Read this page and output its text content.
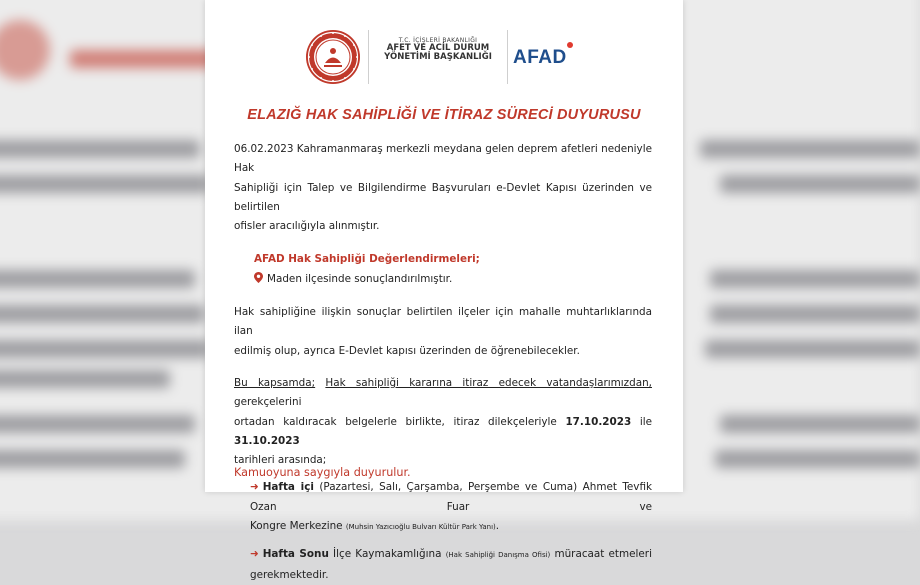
T.C. İÇİŞLERİ BAKANLIĞI
AFET VE ACİL DURUM
YÖNETİMİ BAŞKANLIĞI	AFAD
ELAZIĞ HAK SAHİPLİĞİ VE İTİRAZ SÜRECİ DUYURUSU

06.02.2023 Kahramanmaraş merkezli meydana gelen deprem afetleri nedeniyle Hak

Sahipliği için Talep ve Bilgilendirme Başvuruları e-Devlet Kapısı üzerinden ve belirtilen

ofisler aracılığıyla alınmıştır.

AFAD Hak Sahipliği Değerlendirmeleri;

Maden ilçesinde sonuçlandırılmıştır.

Hak sahipliğine ilişkin sonuçlar belirtilen ilçeler için mahalle muhtarlıklarında ilan

edilmiş olup, ayrıca E-Devlet kapısı üzerinden de öğrenebilecekler.

Bu kapsamda; Hak sahipliği kararına itiraz edecek vatandaşlarımızdan, gerekçelerini

ortadan kaldıracak belgelerle birlikte, itiraz dilekçeleriyle 17.10.2023 ile 31.10.2023

tarihleri arasında;

➜ Hafta içi (Pazartesi, Salı, Çarşamba, Perşembe ve Cuma) Ahmet Tevfik Ozan Fuar ve

Kongre Merkezine (Muhsin Yazıcıoğlu Bulvarı Kültür Park Yanı).

➜ Hafta Sonu İlçe Kaymakamlığına (Hak Sahipliği Danışma Ofisi) müracaat etmeleri

gerekmektedir.

Kamuoyuna saygıyla duyurulur.
